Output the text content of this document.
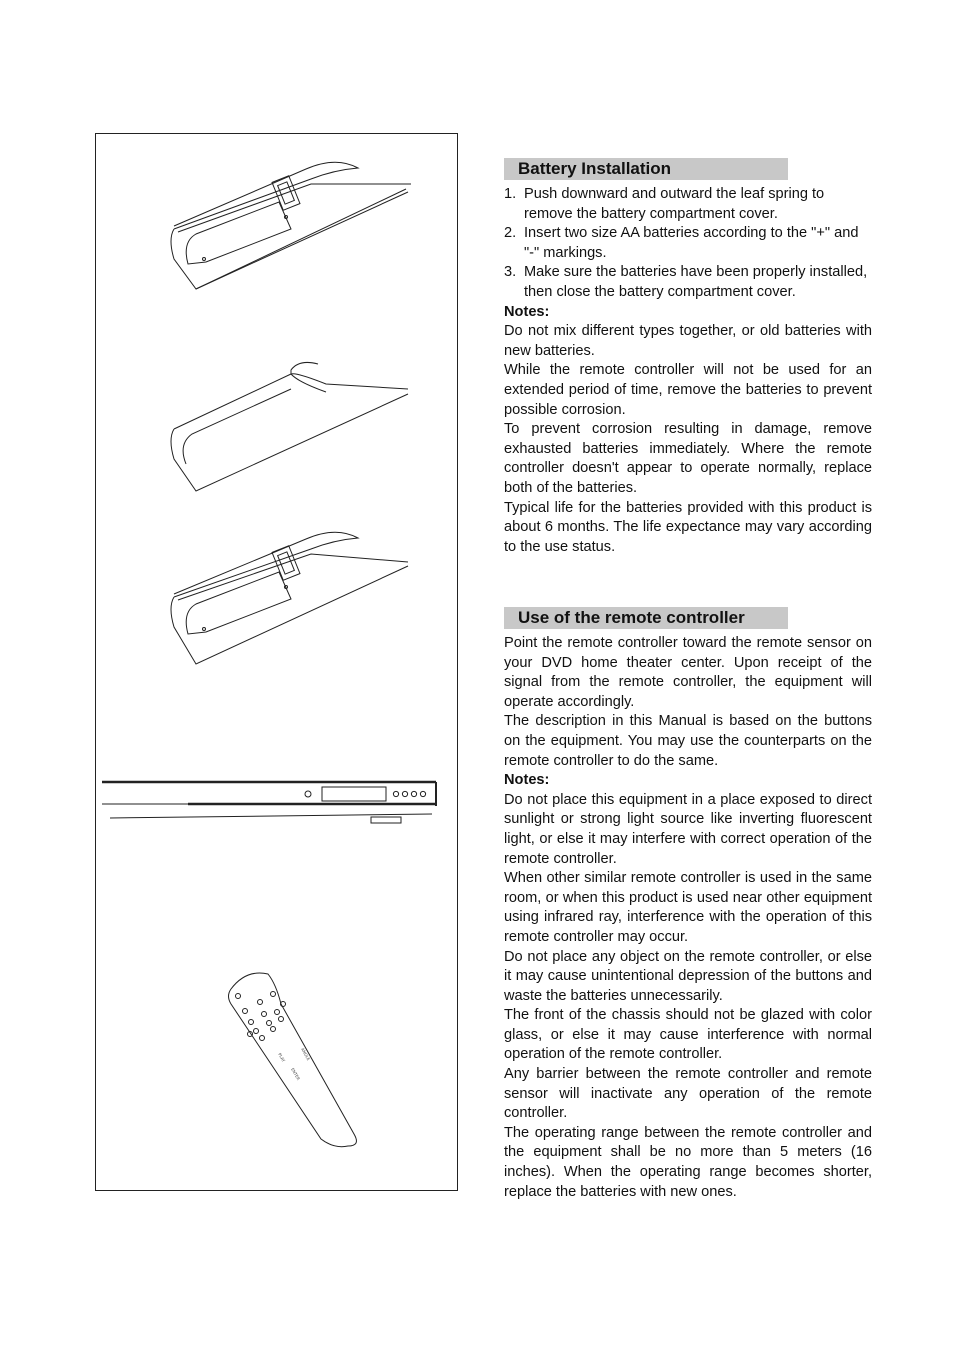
PLAY
ENTER
ANGLE
Battery Installation
1. Push downward and outward the leaf spring to remove the battery compartment cover.
2. Insert two size AA batteries according to the "+" and "-" markings.
3. Make sure the batteries have been properly installed, then close the battery compartment cover.

Notes:

Do not mix different types together, or old batteries with new batteries.

While the remote controller will not be used for an extended period of time, remove the batteries to prevent possible corrosion.

To prevent corrosion resulting in damage, remove exhausted batteries immediately. Where the remote controller doesn't appear to operate normally, replace both of the batteries.

Typical life for the batteries provided with this product is about 6 months. The life expectance may vary according to the use status.

Use of the remote controller

Point the remote controller toward the remote sensor on your DVD home theater center. Upon receipt of the signal from the remote controller, the equipment will operate accordingly.

The description in this Manual is based on the buttons on the equipment. You may use the counterparts on the remote controller to do the same.

Notes:

Do not place this equipment in a place exposed to direct sunlight or strong light source like inverting fluorescent light, or else it may interfere with correct operation of the remote controller.

When other similar remote controller is used in the same room, or when this product is used near other equipment using infrared ray, interference with the operation of this remote controller may occur.

Do not place any object on the remote controller, or else it may cause unintentional depression of the buttons and waste the batteries unnecessarily.

The front of the chassis should not be glazed with color glass, or else it may cause interference with normal operation of the remote controller.

Any barrier between the remote controller and remote sensor will inactivate any operation of the remote controller.

The operating range between the remote controller and the equipment shall be no more than 5 meters (16 inches). When the operating range becomes shorter, replace the batteries with new ones.
